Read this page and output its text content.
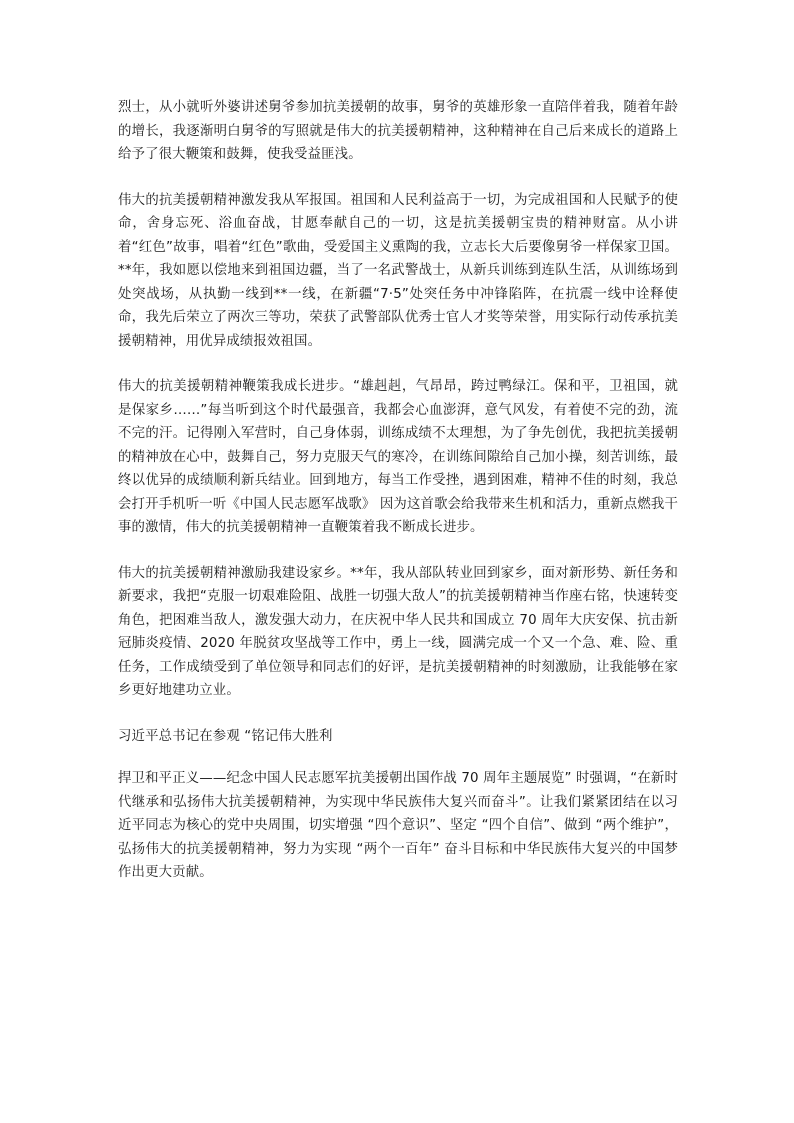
烈士，从小就听外婆讲述舅爷参加抗美援朝的故事，舅爷的英雄形象一直陪伴着我，随着年龄的增长，我逐渐明白舅爷的写照就是伟大的抗美援朝精神，这种精神在自己后来成长的道路上给予了很大鞭策和鼓舞，使我受益匪浅。

伟大的抗美援朝精神激发我从军报国。祖国和人民利益高于一切，为完成祖国和人民赋予的使命，舍身忘死、浴血奋战，甘愿奉献自己的一切，这是抗美援朝宝贵的精神财富。从小讲着“红色”故事，唱着“红色”歌曲，受爱国主义熏陶的我，立志长大后要像舅爷一样保家卫国。**年，我如愿以偿地来到祖国边疆，当了一名武警战士，从新兵训练到连队生活，从训练场到处突战场，从执勤一线到**一线，在新疆“7·5”处突任务中冲锋陷阵，在抗震一线中诠释使命，我先后荣立了两次三等功，荣获了武警部队优秀士官人才奖等荣誉，用实际行动传承抗美援朝精神，用优异成绩报效祖国。

伟大的抗美援朝精神鞭策我成长进步。“雄赳赳，气昂昂，跨过鸭绿江。保和平，卫祖国，就是保家乡……”每当听到这个时代最强音，我都会心血澎湃，意气风发，有着使不完的劲，流不完的汗。记得刚入军营时，自己身体弱，训练成绩不太理想，为了争先创优，我把抗美援朝的精神放在心中，鼓舞自己，努力克服天气的寒冷，在训练间隙给自己加小操，刻苦训练，最终以优异的成绩顺利新兵结业。回到地方，每当工作受挫，遇到困难，精神不佳的时刻，我总会打开手机听一听《中国人民志愿军战歌》 因为这首歌会给我带来生机和活力，重新点燃我干事的激情，伟大的抗美援朝精神一直鞭策着我不断成长进步。

伟大的抗美援朝精神激励我建设家乡。**年，我从部队转业回到家乡，面对新形势、新任务和新要求，我把“克服一切艰难险阻、战胜一切强大敌人”的抗美援朝精神当作座右铭，快速转变角色，把困难当敌人，激发强大动力，在庆祝中华人民共和国成立 70 周年大庆安保、抗击新冠肺炎疫情、2020 年脱贫攻坚战等工作中，勇上一线，圆满完成一个又一个急、难、险、重任务，工作成绩受到了单位领导和同志们的好评，是抗美援朝精神的时刻激励，让我能够在家乡更好地建功立业。

习近平总书记在参观 “铭记伟大胜利

捍卫和平正义——纪念中国人民志愿军抗美援朝出国作战 70 周年主题展览” 时强调，“在新时代继承和弘扬伟大抗美援朝精神，为实现中华民族伟大复兴而奋斗”。让我们紧紧团结在以习近平同志为核心的党中央周围，切实增强 “四个意识”、坚定 “四个自信”、做到 “两个维护”，弘扬伟大的抗美援朝精神，努力为实现 “两个一百年” 奋斗目标和中华民族伟大复兴的中国梦作出更大贡献。
